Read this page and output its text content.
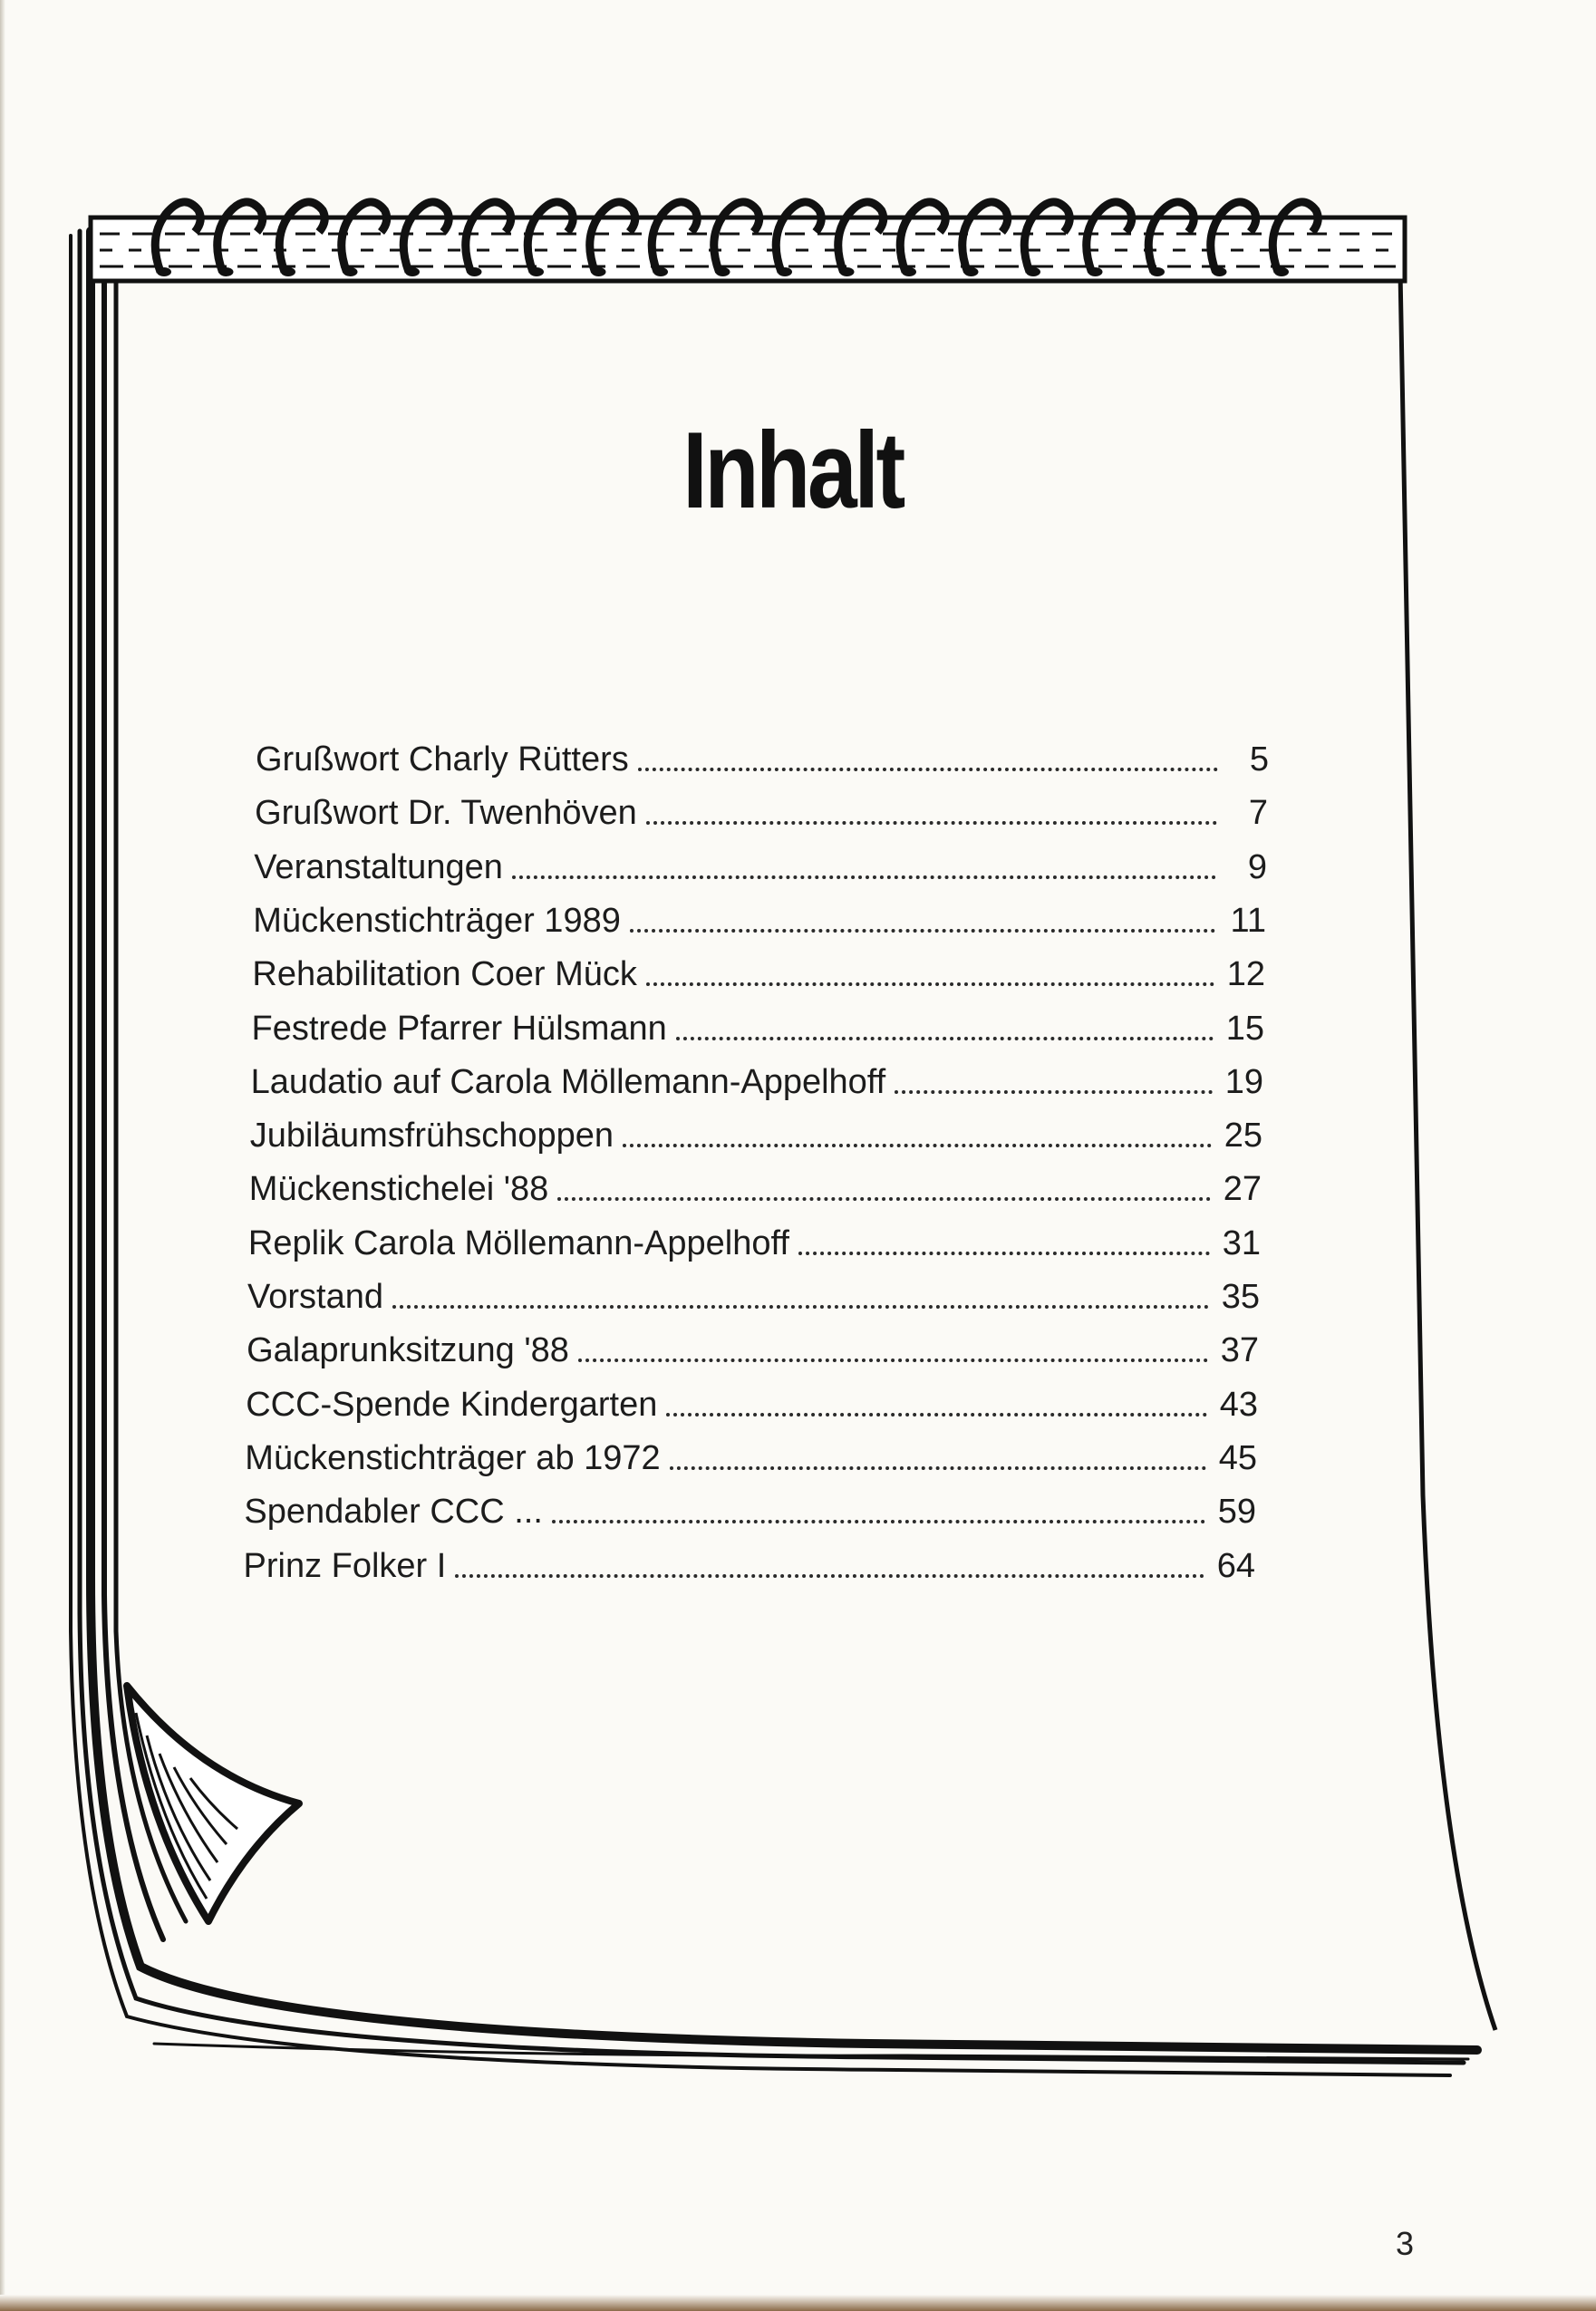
Inhalt
Grußwort Charly Rütters	5
Grußwort Dr. Twenhöven	7
Veranstaltungen	9
Mückenstichträger 1989	11
Rehabilitation Coer Mück	12
Festrede Pfarrer Hülsmann	15
Laudatio auf Carola Möllemann-Appelhoff	19
Jubiläumsfrühschoppen	25
Mückenstichelei '88	27
Replik Carola Möllemann-Appelhoff	31
Vorstand	35
Galaprunksitzung '88	37
CCC-Spende Kindergarten	43
Mückenstichträger ab 1972	45
Spendabler CCC ...	59
Prinz Folker I	64
3
